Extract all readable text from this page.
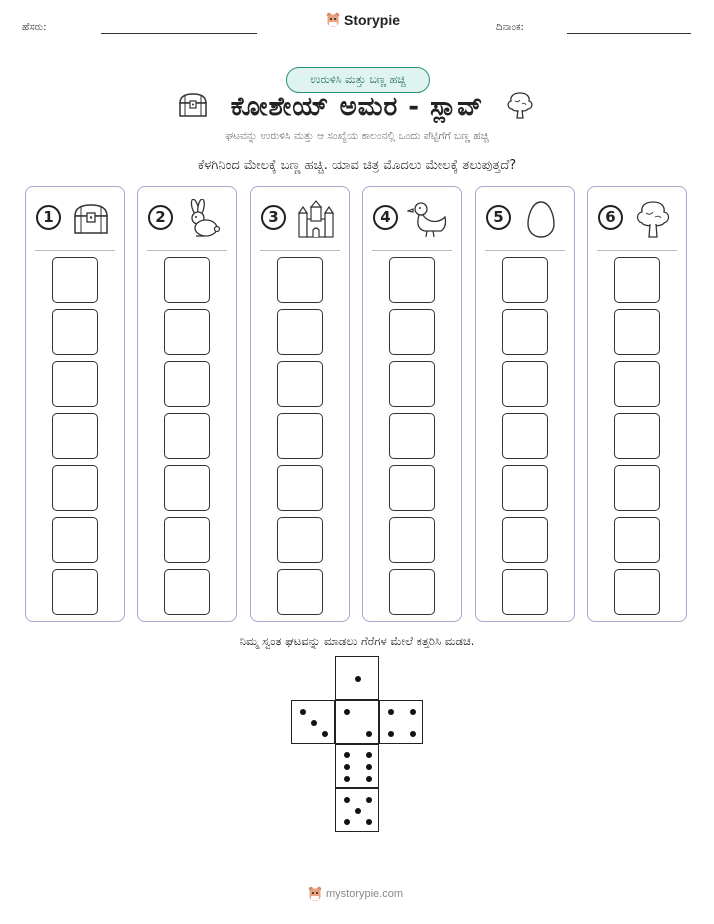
ಹೆಸರು:	Storypie	ದಿನಾಂಕ:
ಉರುಳಿಸಿ ಮತ್ತು ಬಣ್ಣ ಹಚ್ಚಿ
ಕೋಶೇಯ್ ಅಮರ - ಸ್ಲಾವ್
ಘಟವನ್ನು ಉರುಳಿಸಿ ಮತ್ತು ಆ ಸಂಖ್ಯೆಯ ಕಾಲಂನಲ್ಲಿ ಒಂದು ಪೆಟ್ಟಿಗೆಗೆ ಬಣ್ಣ ಹಚ್ಚಿ
ಕೆಳಗಿನಿಂದ ಮೇಲಕ್ಕೆ ಬಣ್ಣ ಹಚ್ಚಿ. ಯಾವ ಚಿತ್ರ ಮೊದಲು ಮೇಲಕ್ಕೆ ತಲುಪುತ್ತದೆ?
1	2	3	4	5	6
ನಿಮ್ಮ ಸ್ವಂತ ಘಟವನ್ನು ಮಾಡಲು ಗೆರೆಗಳ ಮೇಲೆ ಕತ್ತರಿಸಿ ಮಡಚಿ.
mystorypie.com
